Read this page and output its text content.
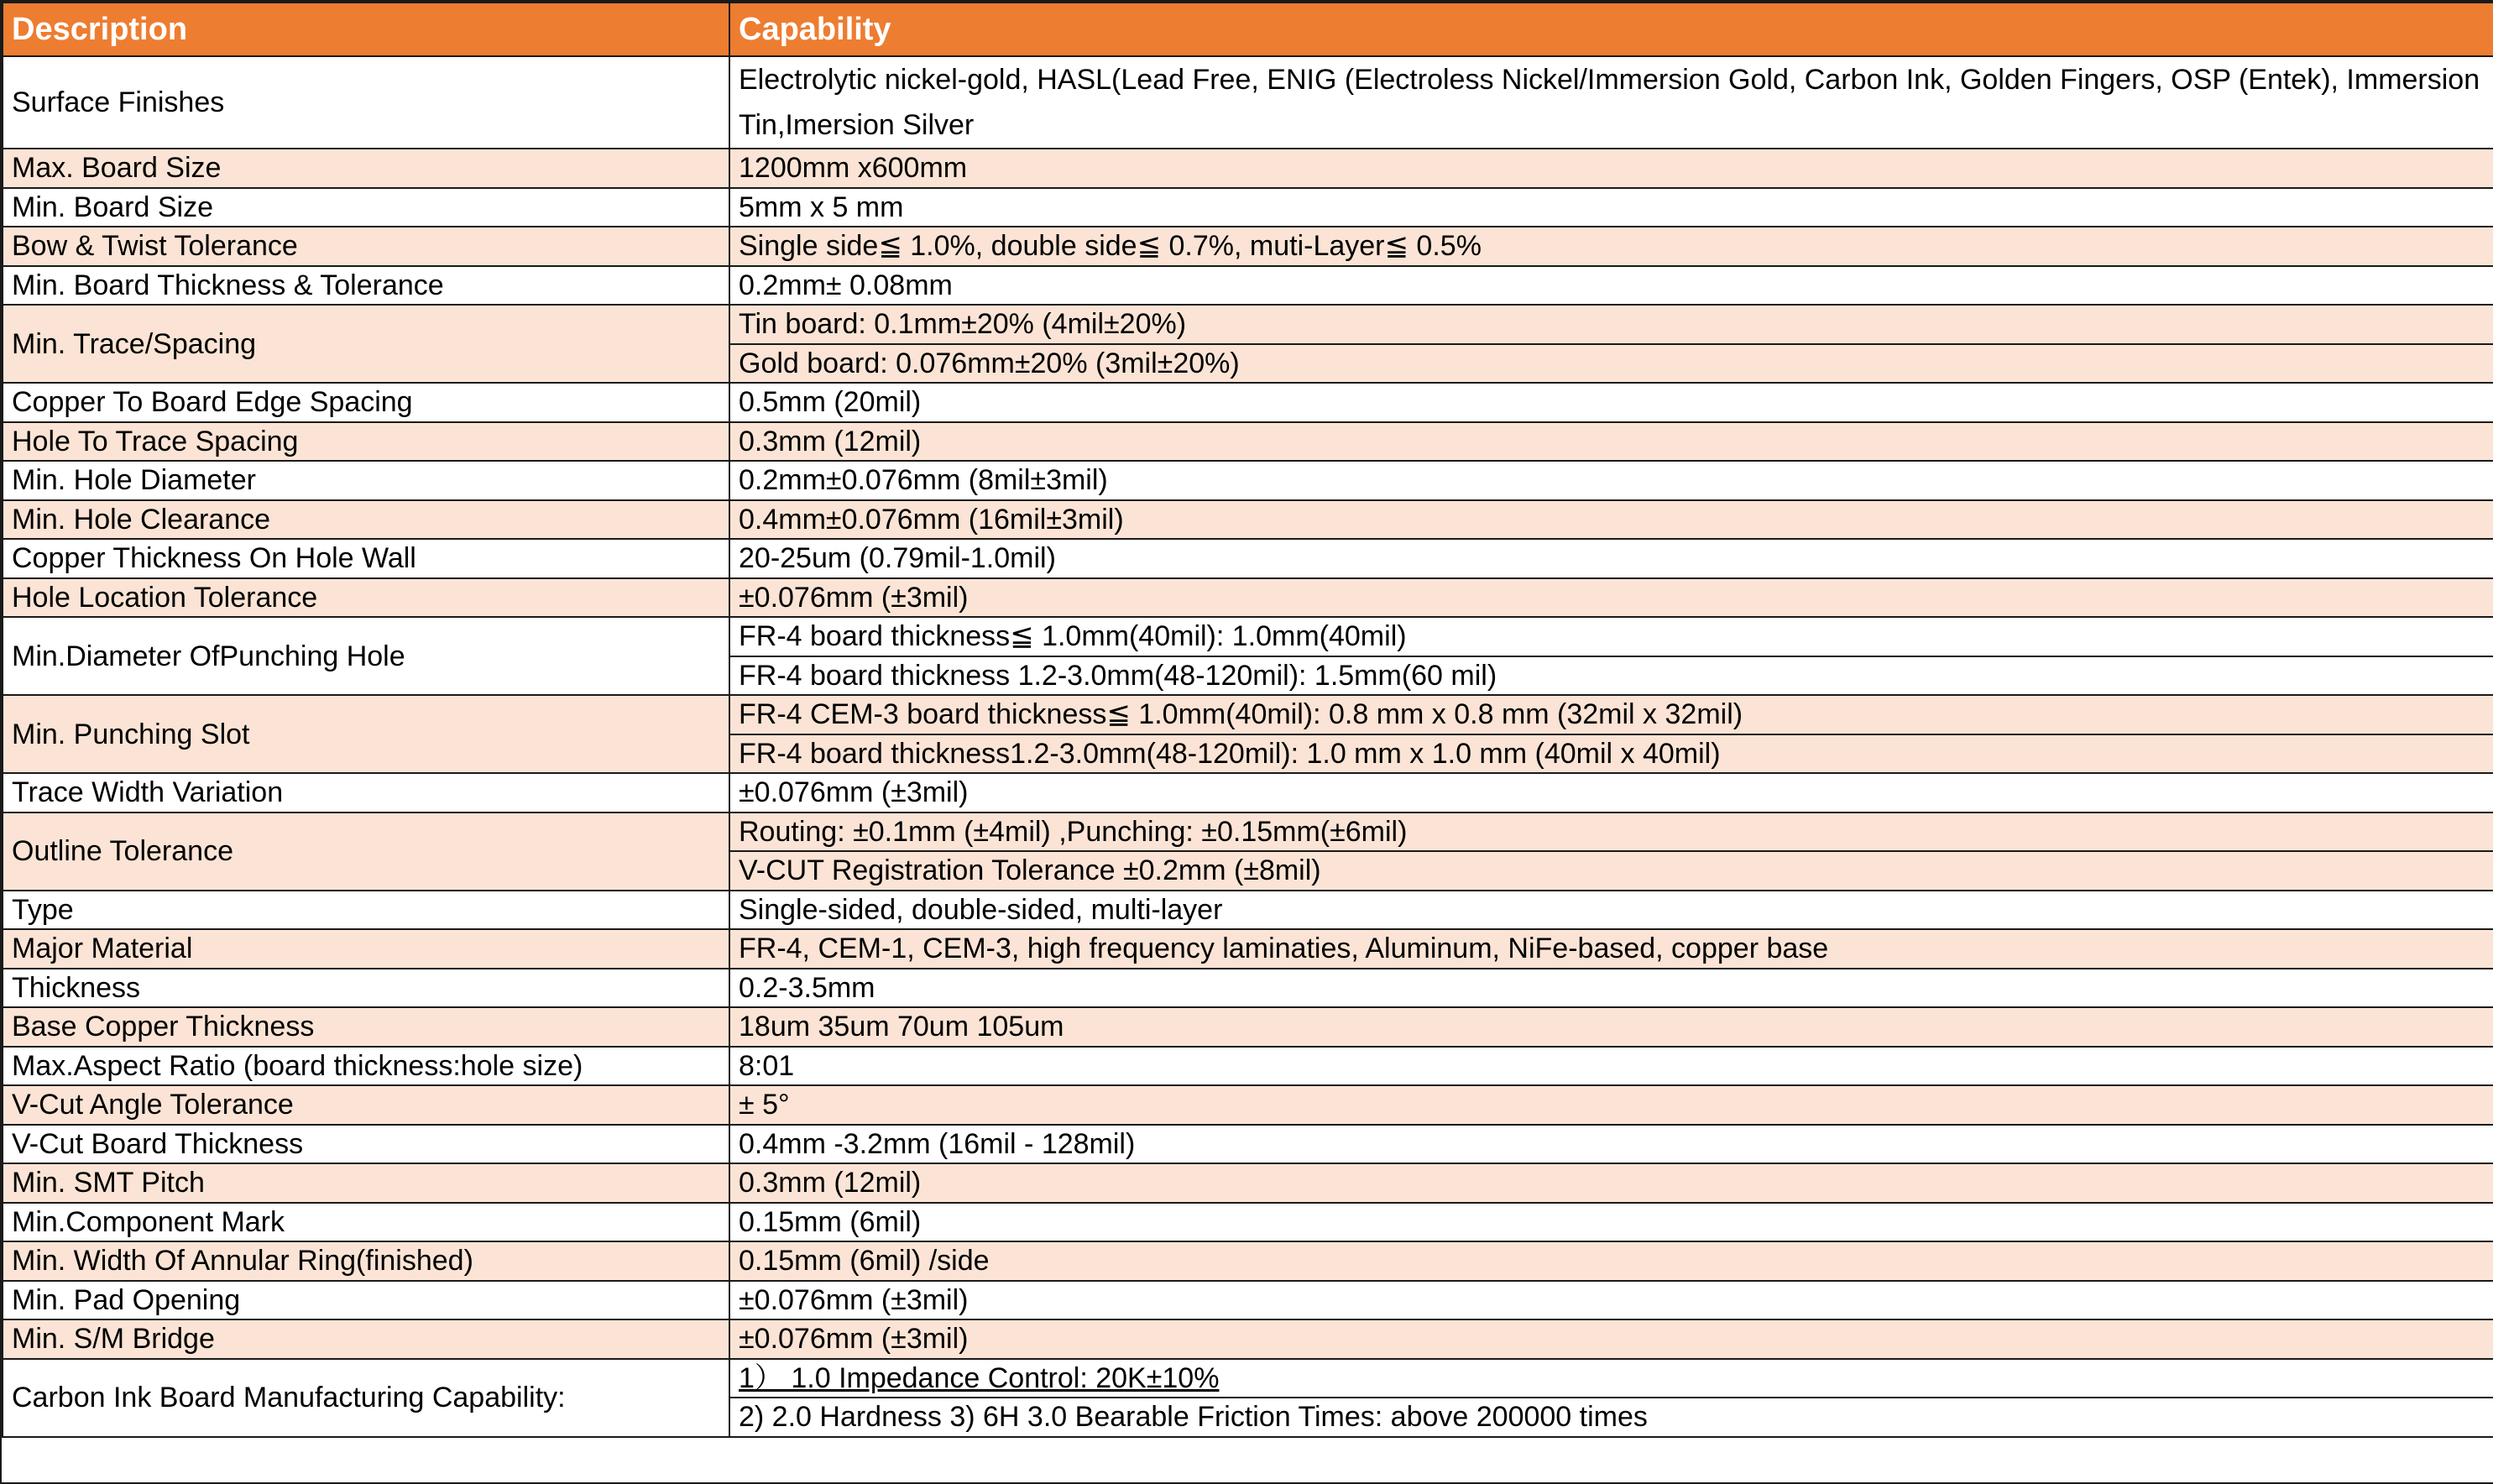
Description	Capability
Surface Finishes	Electrolytic nickel-gold, HASL(Lead Free, ENIG (Electroless Nickel/Immersion Gold, Carbon Ink, Golden Fingers, OSP (Entek), Immersion Tin,Imersion Silver
Max. Board Size	1200mm x600mm
Min. Board Size	5mm x 5 mm
Bow & Twist Tolerance	Single side≦ 1.0%, double side≦ 0.7%, muti-Layer≦ 0.5%
Min. Board Thickness & Tolerance	0.2mm± 0.08mm
Min. Trace/Spacing	Tin board: 0.1mm±20% (4mil±20%)
	Gold board: 0.076mm±20% (3mil±20%)
Copper To Board Edge Spacing	0.5mm (20mil)
Hole To Trace Spacing	0.3mm (12mil)
Min. Hole Diameter	0.2mm±0.076mm (8mil±3mil)
Min. Hole Clearance	0.4mm±0.076mm (16mil±3mil)
Copper Thickness On Hole Wall	20-25um (0.79mil-1.0mil)
Hole Location Tolerance	±0.076mm (±3mil)
Min.Diameter OfPunching Hole	FR-4 board thickness≦ 1.0mm(40mil): 1.0mm(40mil)
	FR-4 board thickness 1.2-3.0mm(48-120mil): 1.5mm(60 mil)
Min. Punching Slot	FR-4 CEM-3 board thickness≦ 1.0mm(40mil): 0.8 mm x 0.8 mm (32mil x 32mil)
	FR-4 board thickness1.2-3.0mm(48-120mil): 1.0 mm x 1.0 mm (40mil x 40mil)
Trace Width Variation	±0.076mm (±3mil)
Outline Tolerance	Routing: ±0.1mm (±4mil) ,Punching: ±0.15mm(±6mil)
	V-CUT Registration Tolerance ±0.2mm (±8mil)
Type	Single-sided, double-sided, multi-layer
Major Material	FR-4, CEM-1, CEM-3, high frequency laminaties, Aluminum, NiFe-based, copper base
Thickness	0.2-3.5mm
Base Copper Thickness	18um 35um 70um 105um
Max.Aspect Ratio (board thickness:hole size)	8:01
V-Cut Angle Tolerance	± 5°
V-Cut Board Thickness	0.4mm -3.2mm (16mil - 128mil)
Min. SMT Pitch	0.3mm (12mil)
Min.Component Mark	0.15mm (6mil)
Min. Width Of Annular Ring(finished)	0.15mm (6mil) /side
Min. Pad Opening	±0.076mm (±3mil)
Min. S/M Bridge	±0.076mm (±3mil)
Carbon Ink Board Manufacturing Capability:	1） 1.0 Impedance Control: 20K±10%
	2) 2.0 Hardness 3) 6H 3.0 Bearable Friction Times: above 200000 times
